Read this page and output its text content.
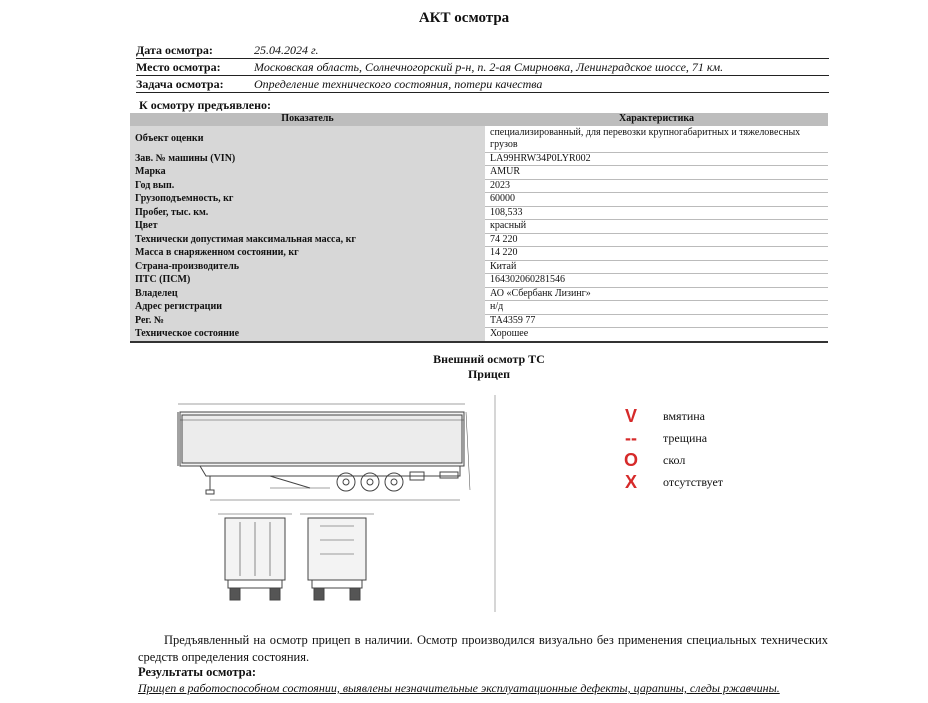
АКТ осмотра
Дата осмотра:	25.04.2024 г.
Место осмотра:	Московская область, Солнечногорский р-н, п. 2-ая Смирновка, Ленинградское шоссе, 71 км.
Задача осмотра:	Определение технического состояния, потери качества
К осмотру предъявлено:
Показатель	Характеристика
Объект оценки	специализированный, для перевозки крупногабаритных и тяжеловесных грузов
Зав. № машины (VIN)	LA99HRW34P0LYR002
Марка	AMUR
Год вып.	2023
Грузоподъемность, кг	60000
Пробег, тыс. км.	108,533
Цвет	красный
Технически допустимая максимальная масса, кг	74 220
Масса в снаряженном состоянии, кг	14 220
Страна-производитель	Китай
ПТС (ПСМ)	164302060281546
Владелец	АО «Сбербанк Лизинг»
Адрес регистрации	н/д
Рег. №	ТА4359 77
Техническое состояние	Хорошее
Внешний осмотр ТС
Прицеп
V	вмятина
--	трещина
O	скол
X	отсутствует
Предъявленный на осмотр прицеп в наличии. Осмотр производился визуально без применения специальных технических средств определения состояния.
Результаты осмотра:
Прицеп в работоспособном состоянии, выявлены незначительные эксплуатационные дефекты, царапины, следы ржавчины.
